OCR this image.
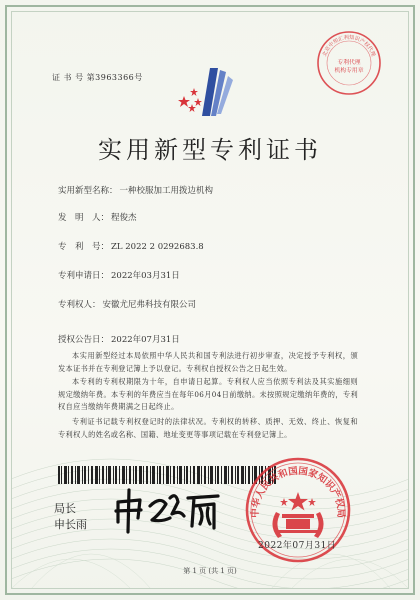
证 书 号 第3963366号
北京中知汇利知识产权代理
专利代理
机构专用章
实用新型专利证书
实用新型名称： 一种校服加工用拨边机构
发　明　人： 程俊杰
专　利　号： ZL 2022 2 0292683.8
专利申请日： 2022年03月31日
专利权人： 安徽尤尼弗科技有限公司
授权公告日： 2022年07月31日
本实用新型经过本局依照中华人民共和国专利法进行初步审查，决定授予专利权，颁发本证书并在专利登记簿上予以登记。专利权自授权公告之日起生效。
本专利的专利权期限为十年，自申请日起算。专利权人应当依照专利法及其实施细则规定缴纳年费。本专利的年费应当在每年06月04日前缴纳。未按照规定缴纳年费的，专利权自应当缴纳年费期满之日起终止。
专利证书记载专利权登记时的法律状况。专利权的转移、质押、无效、终止、恢复和专利权人的姓名或名称、国籍、地址变更等事项记载在专利登记簿上。
局长
申长雨
中华人民共和国国家知识产权局
2022年07月31日
第 1 页 (共 1 页)
